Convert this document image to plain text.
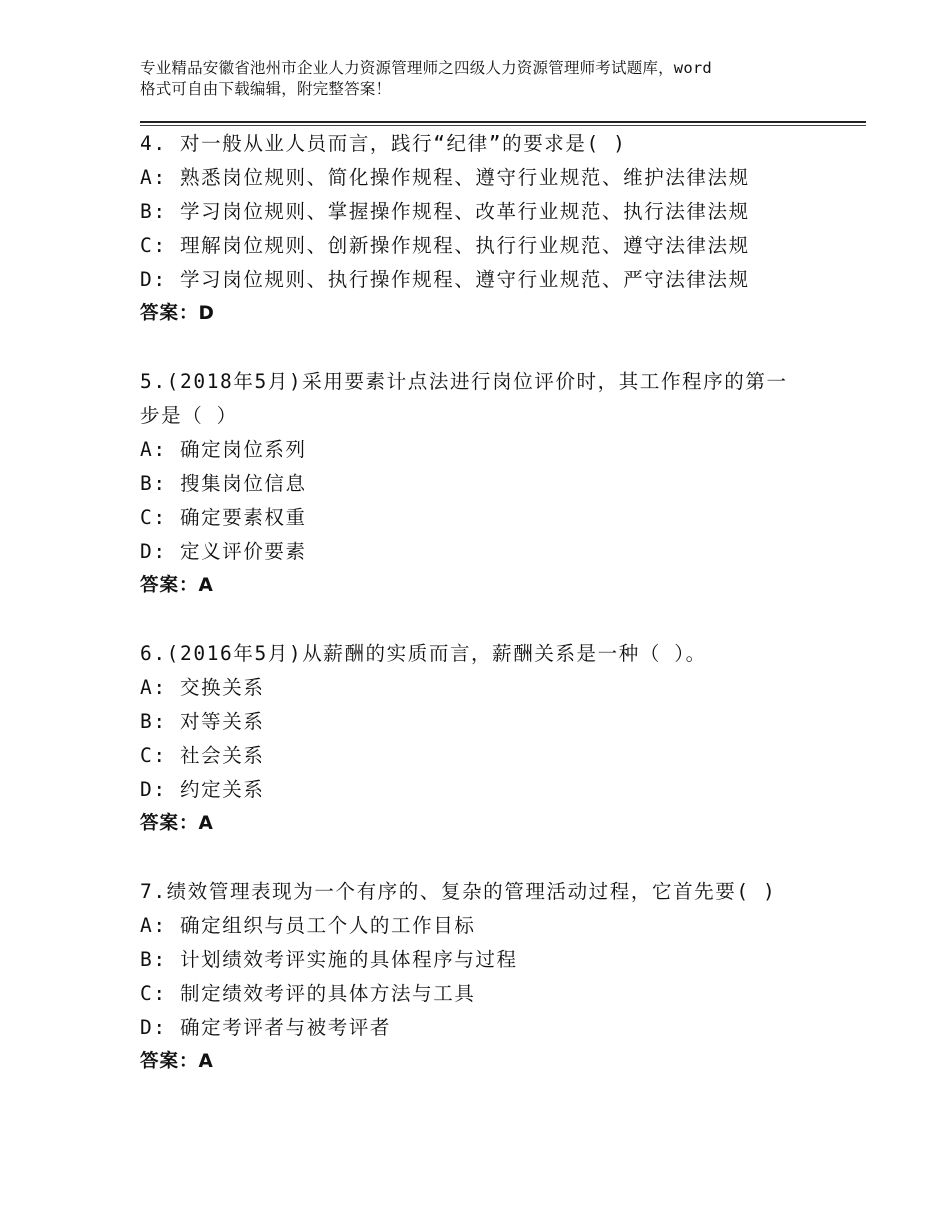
专业精品安徽省池州市企业人力资源管理师之四级人力资源管理师考试题库，word
格式可自由下载编辑，附完整答案！
4. 对一般从业人员而言，践行“纪律”的要求是( )
A: 熟悉岗位规则、简化操作规程、遵守行业规范、维护法律法规
B: 学习岗位规则、掌握操作规程、改革行业规范、执行法律法规
C: 理解岗位规则、创新操作规程、执行行业规范、遵守法律法规
D: 学习岗位规则、执行操作规程、遵守行业规范、严守法律法规
答案：D
5.(2018年5月)采用要素计点法进行岗位评价时，其工作程序的第一
步是（ ）
A: 确定岗位系列
B: 搜集岗位信息
C: 确定要素权重
D: 定义评价要素
答案：A
6.(2016年5月)从薪酬的实质而言，薪酬关系是一种（ ）。
A: 交换关系
B: 对等关系
C: 社会关系
D: 约定关系
答案：A
7.绩效管理表现为一个有序的、复杂的管理活动过程，它首先要( )
A: 确定组织与员工个人的工作目标
B: 计划绩效考评实施的具体程序与过程
C: 制定绩效考评的具体方法与工具
D: 确定考评者与被考评者
答案：A
